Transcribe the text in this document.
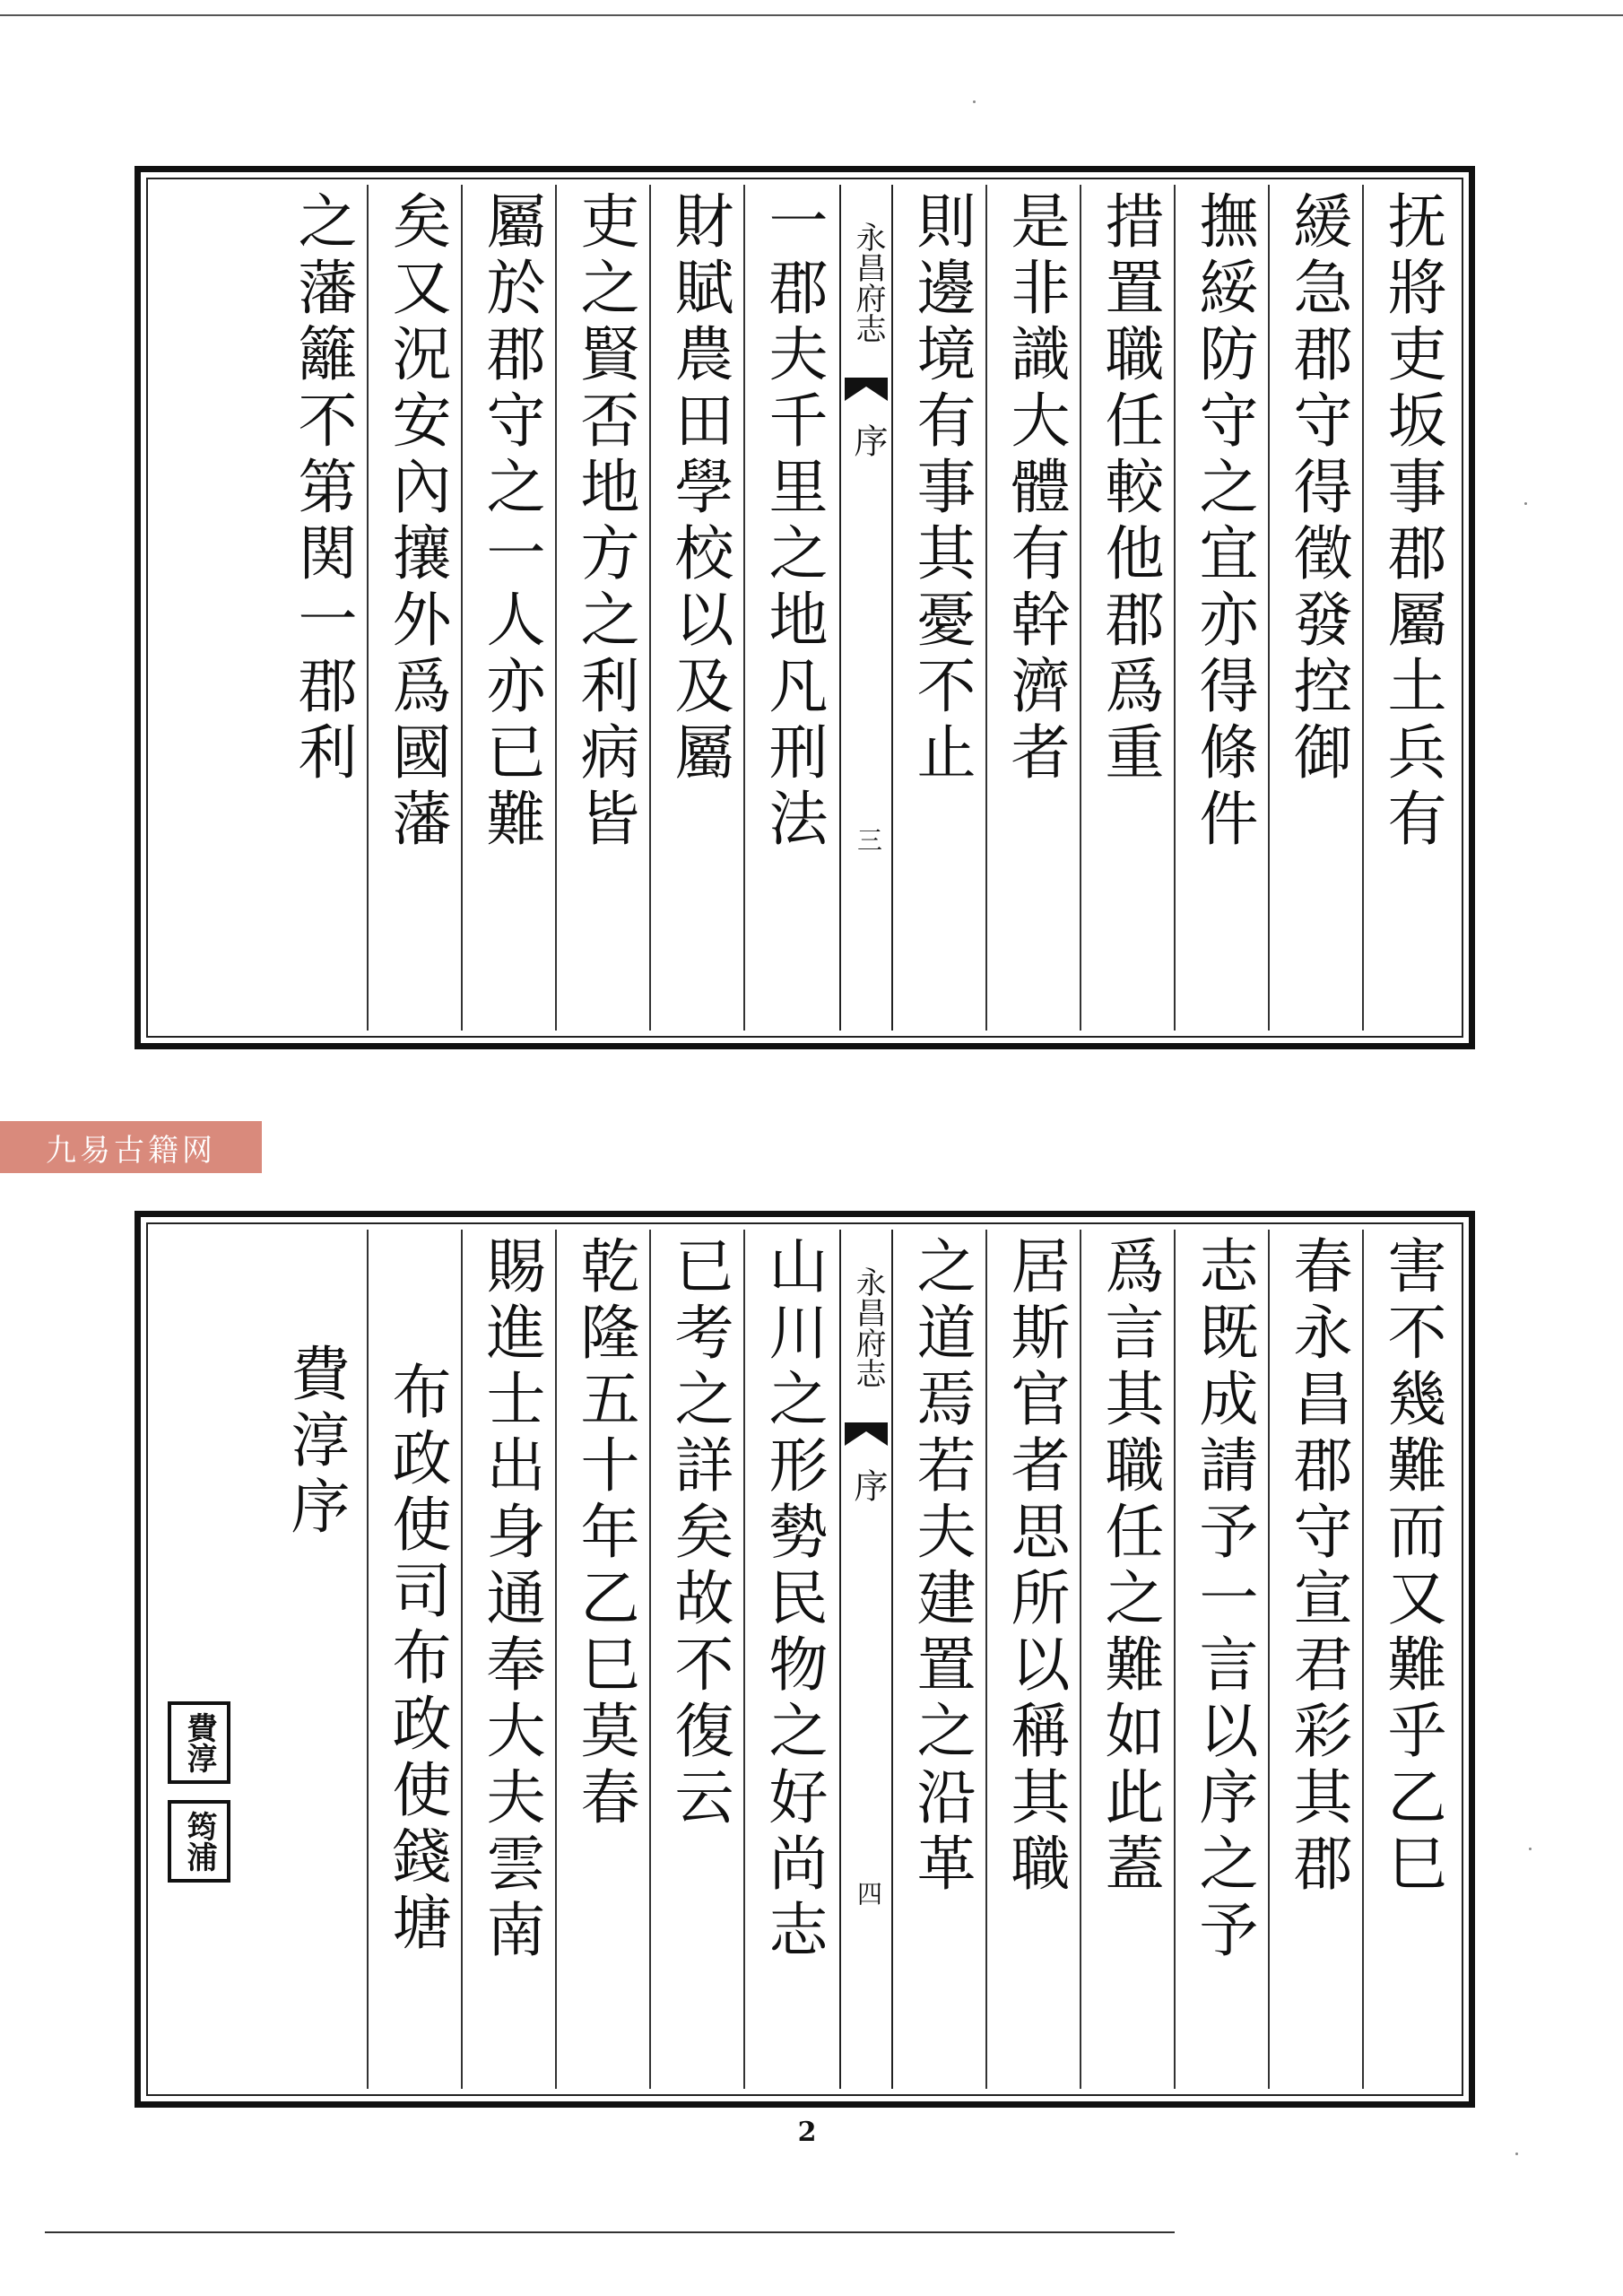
抚將吏坂事郡屬土兵有
緩急郡守得徵發控御
撫綏防守之宜亦得條件
措置職任較他郡爲重
是非識大體有幹濟者
則邊境有事其憂不止
永昌府志
序
三
一郡夫千里之地凡刑法
財賦農田學校以及屬
吏之賢否地方之利病皆
屬於郡守之一人亦已難
矣又況安內攘外爲國藩
之藩籬不第関一郡利
九易古籍网
害不幾難而又難乎乙巳
春永昌郡守宣君彩其郡
志既成請予一言以序之予
爲言其職任之難如此蓋
居斯官者思所以稱其職
之道焉若夫建置之沿革
永昌府志
序
四
山川之形勢民物之好尚志
已考之詳矣故不復云
乾隆五十年乙巳莫春
賜進士出身通奉大夫雲南
布政使司布政使錢塘
費淳序
費淳
筠浦
2
